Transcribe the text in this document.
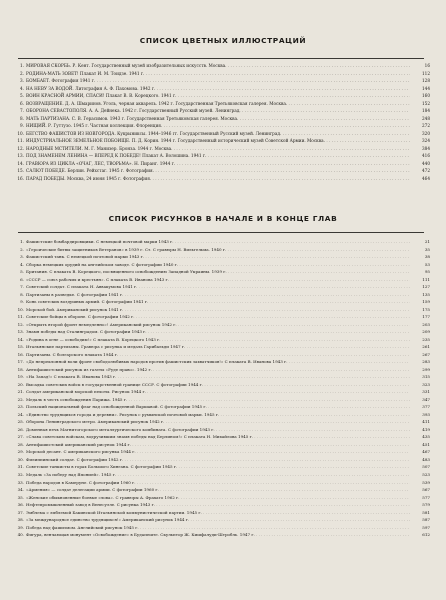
СПИСОК ЦВЕТНЫХ ИЛЛЮСТРАЦИЙ
1. МИРОВАЯ СКОРБЬ. Р. Кент. Государственный музей изобразительных искусств. Москва. . . .	16
2. РОДИНА-МАТЬ ЗОВЕТ! Плакат И. М. Тоидзе. 1941 г. . . .	112
3. БОМБАЕТ. Фотография 1941 г. . . .	128
4. НА НЕВУ ЗА ВОДОЙ. Литография А. Ф. Пахомова. 1942 г. . . .	144
5. ВОИН КРАСНОЙ АРМИИ, СПАСИ! Плакат В. В. Корецкого. 1941 г. . . .	160
6. ВОЗВРАЩЕНИЕ. Д. А. Шмаринов. Уголь, черная акварель. 1942 г. Государственная Третьяковская галерея. Москва. . . .	152
7. ОБОРОНА СЕВАСТОПОЛЯ. А. А. Дейнека. 1942 г. Государственный Русский музей. Ленинград. . . .	184
8. МАТЬ ПАРТИЗАНА. С. В. Герасимов. 1943 г. Государственная Третьяковская галерея. Москва. . . .	248
9. НИЩИЙ. Р. Гуттузо. 1945 г. Частная коллекция. Флоренция. . . .	272
10. БЕГСТВО ФАШИСТОВ ИЗ НОВГОРОДА. Кукрыниксы. 1944–1946 гг. Государственный Русский музей. Ленинград. . . .	320
11. ИНДУСТРИАЛЬНОЕ ЗЕМЕЛЬНОЕ ПОБОИЩЕ. П. Д. Корин. 1944 г. Государственный исторический музей Советской Армии. Москва. . . .	324
12. НАРОДНЫЕ МСТИТЕЛИ. М. Г. Манизер. Бронза. 1944 г. Москва. . . .	384
13. ПОД ЗНАМЕНЕМ ЛЕНИНА — ВПЕРЕД К ПОБЕДЕ! Плакат А. Волошина. 1941 г. . . .	416
14. ГРАВЮРА ИЗ ЦИКЛА «ОЧАГ, ЛЕС, ТВОРЬМА». Н. Пиранг. 1944 г. . . .	440
15. САЛЮТ ПОБЕДЕ. Берлин. Рейхстаг. 1945 г. Фотография. . . .	472
16. ПАРАД ПОБЕДЫ. Москва, 24 июня 1945 г. Фотография. . . .	464
СПИСОК РИСУНКОВ В НАЧАЛЕ И В КОНЦЕ ГЛАВ
1. Фашистские бомбардировщики. С немецкой почтовой марки 1943 г. . . .	21
2. «Героические битвы защитников Ветеранов» в 1939 г. Ст. С гравюры Н. Вильгельма. 1940 г. . . .	35
3. Фашистский танк. С немецкой почтовой марки 1943 г. . . .	38
4. Сборка немецких орудий на английском заводе. С фотографии 1940 г. . . .	53
5. Британия. С плаката В. Корецкого, посвященного освобождению Западной Украины. 1939 г. . . .	95
6. «СССР — союз рабочих и крестьян». С плаката В. Иванова 1943 г. . . .	111
7. Советский солдат. С плаката Н. Аввакумова 1941 г. . . .	127
8. Партизаны в разведке. С фотографии 1941 г. . . .	135
9. Конь советских воздушных армий. С фотографии 1941 г. . . .	159
10. Морской бой. Американский рисунок 1941 г. . . .	175
11. Советские бойцы в обороне. С фотографии 1942 г. . . .	177
12. «Открыть второй фронт немедленно»! Американский рисунок 1942 г. . . .	203
13. Знамя победы над Сталинградом. С фотографии 1943 г. . . .	209
14. «Родина в огне — освободим!» С плаката В. Корецкого 1943 г. . . .	235
15. Итальянские партизаны. Гравюра с рисунка и медаль Гарибальди 1947 г. . . .	261
16. Партизаны. С болгарского плаката 1944 г. . . .	267
17. «До непреклонной воли фронт свободолюбивых народов против фашистских захватчиков!» С плаката В. Иванова 1943 г. . . .	283
18. Антифашистский рисунок из газеты «Руде право». 1942 г. . . .	299
19. «На Запад!» С плаката В. Иванова 1943 г. . . .	315
20. Высадка советских войск в государственной границе СССР. С фотографии 1944 г. . . .	323
21. Солдат американской морской пехоты. Рисунок 1944 г. . . .	331
22. Медаль в честь освобождения Парижа. 1945 г. . . .	347
23. Польский национальный флаг над освобожденной Варшавой. С фотографии 1945 г. . . .	377
24. «Единство трудящихся города и деревни». Рисунок с румынской почтовой марки. 1945 г. . . .	393
25. Оборона Ленинградского метро. Американский рисунок 1942 г. . . .	411
26. Доменная печь Магнитогорского металлургического комбината. С фотографии 1943 г. . . .	419
27. «Слава советским войскам, водрузившим знамя победы над Берлином!» С плаката Н. Михайлова 1945 г. . . .	435
28. Антифашистский американский рисунок 1944 г. . . .	451
29. Морской десант. С американского рисунка 1944 г. . . .	467
30. Филиппинский солдат. С фотографии 1942 г. . . .	483
31. Советские танкисты в горах Большого Хингана. С фотографии 1945 г. . . .	507
32. Медаль «За победу над Японией». 1945 г. . . .	523
33. Победа народов в Камеруне. С фотографии 1960 г. . . .	539
34. «Армения» — солдат делегации армии. С фотографии 1960 г. . . .	567
35. «Женские обыкновенные боевые слова». С гравюры А. Фрахато 1962 г. . . .	577
36. Нефтепромышленный завод в Венесуэле. С рисунка 1943 г. . . .	579
37. Эмблема с эмблемой Бакинской Итальянской коммунистической партии. 1945 г. . . .	581
38. «За международное единство трудящихся!» Американский рисунок 1944 г. . . .	587
39. Победа над фашизмом. Английский рисунок 1945 г. . . .	597
40. Фигура, венчающая монумент «Освобождение» в Будапеште. Скульптор Ж. Кишфалуди-Штробль. 1947 г. . . .	612
